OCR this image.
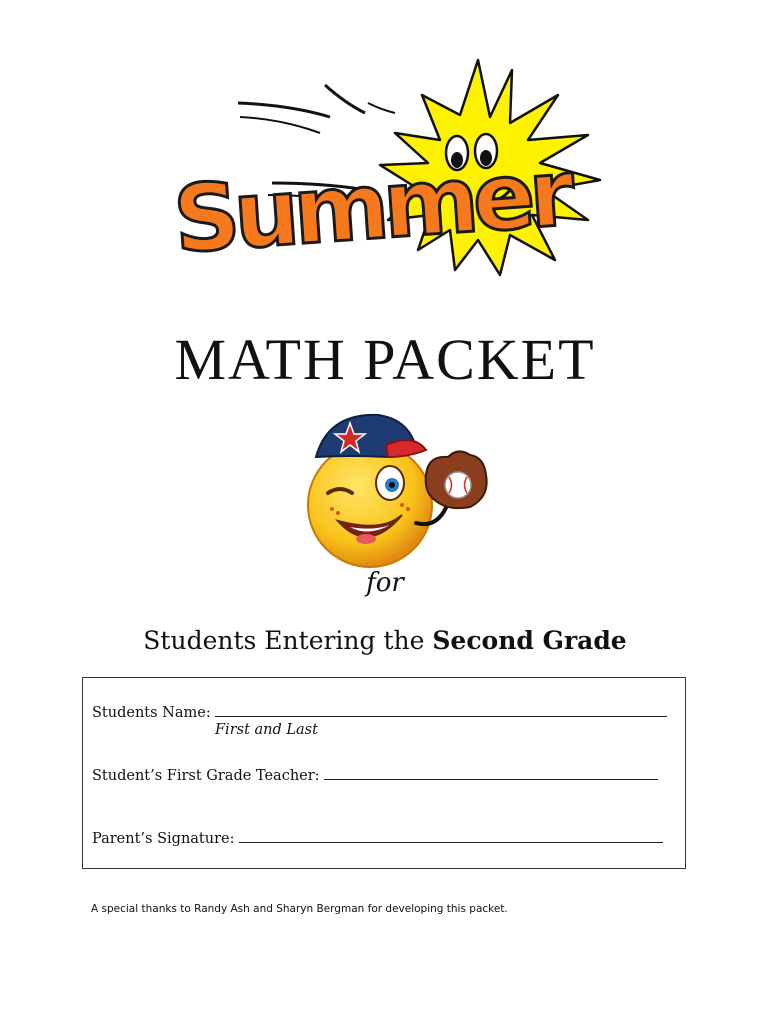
Summer
MATH PACKET
for
Students Entering the Second Grade
Students Name:
First and Last
Student’s First Grade Teacher:
Parent’s Signature:
A special thanks to Randy Ash and Sharyn Bergman for developing this packet.
